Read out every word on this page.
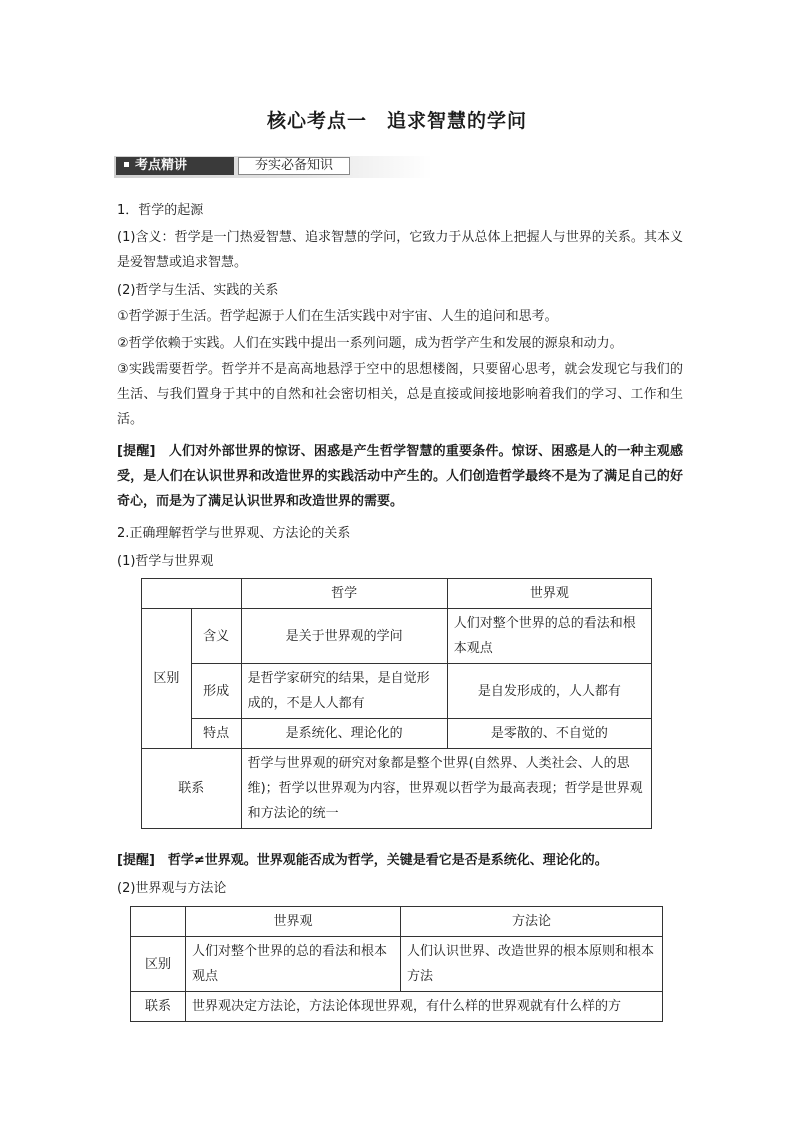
核心考点一　追求智慧的学问
考点精讲	夯实必备知识

1．哲学的起源

(1)含义：哲学是一门热爱智慧、追求智慧的学问，它致力于从总体上把握人与世界的关系。其本义是爱智慧或追求智慧。

(2)哲学与生活、实践的关系

①哲学源于生活。哲学起源于人们在生活实践中对宇宙、人生的追问和思考。

②哲学依赖于实践。人们在实践中提出一系列问题，成为哲学产生和发展的源泉和动力。

③实践需要哲学。哲学并不是高高地悬浮于空中的思想楼阁，只要留心思考，就会发现它与我们的生活、与我们置身于其中的自然和社会密切相关，总是直接或间接地影响着我们的学习、工作和生活。

[提醒]　人们对外部世界的惊讶、困惑是产生哲学智慧的重要条件。惊讶、困惑是人的一种主观感受，是人们在认识世界和改造世界的实践活动中产生的。人们创造哲学最终不是为了满足自己的好奇心，而是为了满足认识世界和改造世界的需要。

2.正确理解哲学与世界观、方法论的关系

(1)哲学与世界观

		哲学	世界观
区别	含义	是关于世界观的学问	人们对整个世界的总的看法和根本观点
	形成	是哲学家研究的结果，是自觉形成的，不是人人都有	是自发形成的，人人都有
	特点	是系统化、理论化的	是零散的、不自觉的
联系		哲学与世界观的研究对象都是整个世界(自然界、人类社会、人的思维)；哲学以世界观为内容，世界观以哲学为最高表现；哲学是世界观和方法论的统一	

[提醒]　哲学≠世界观。世界观能否成为哲学，关键是看它是否是系统化、理论化的。

(2)世界观与方法论

	世界观	方法论
区别	人们对整个世界的总的看法和根本观点	人们认识世界、改造世界的根本原则和根本方法
联系	世界观决定方法论，方法论体现世界观，有什么样的世界观就有什么样的方	
